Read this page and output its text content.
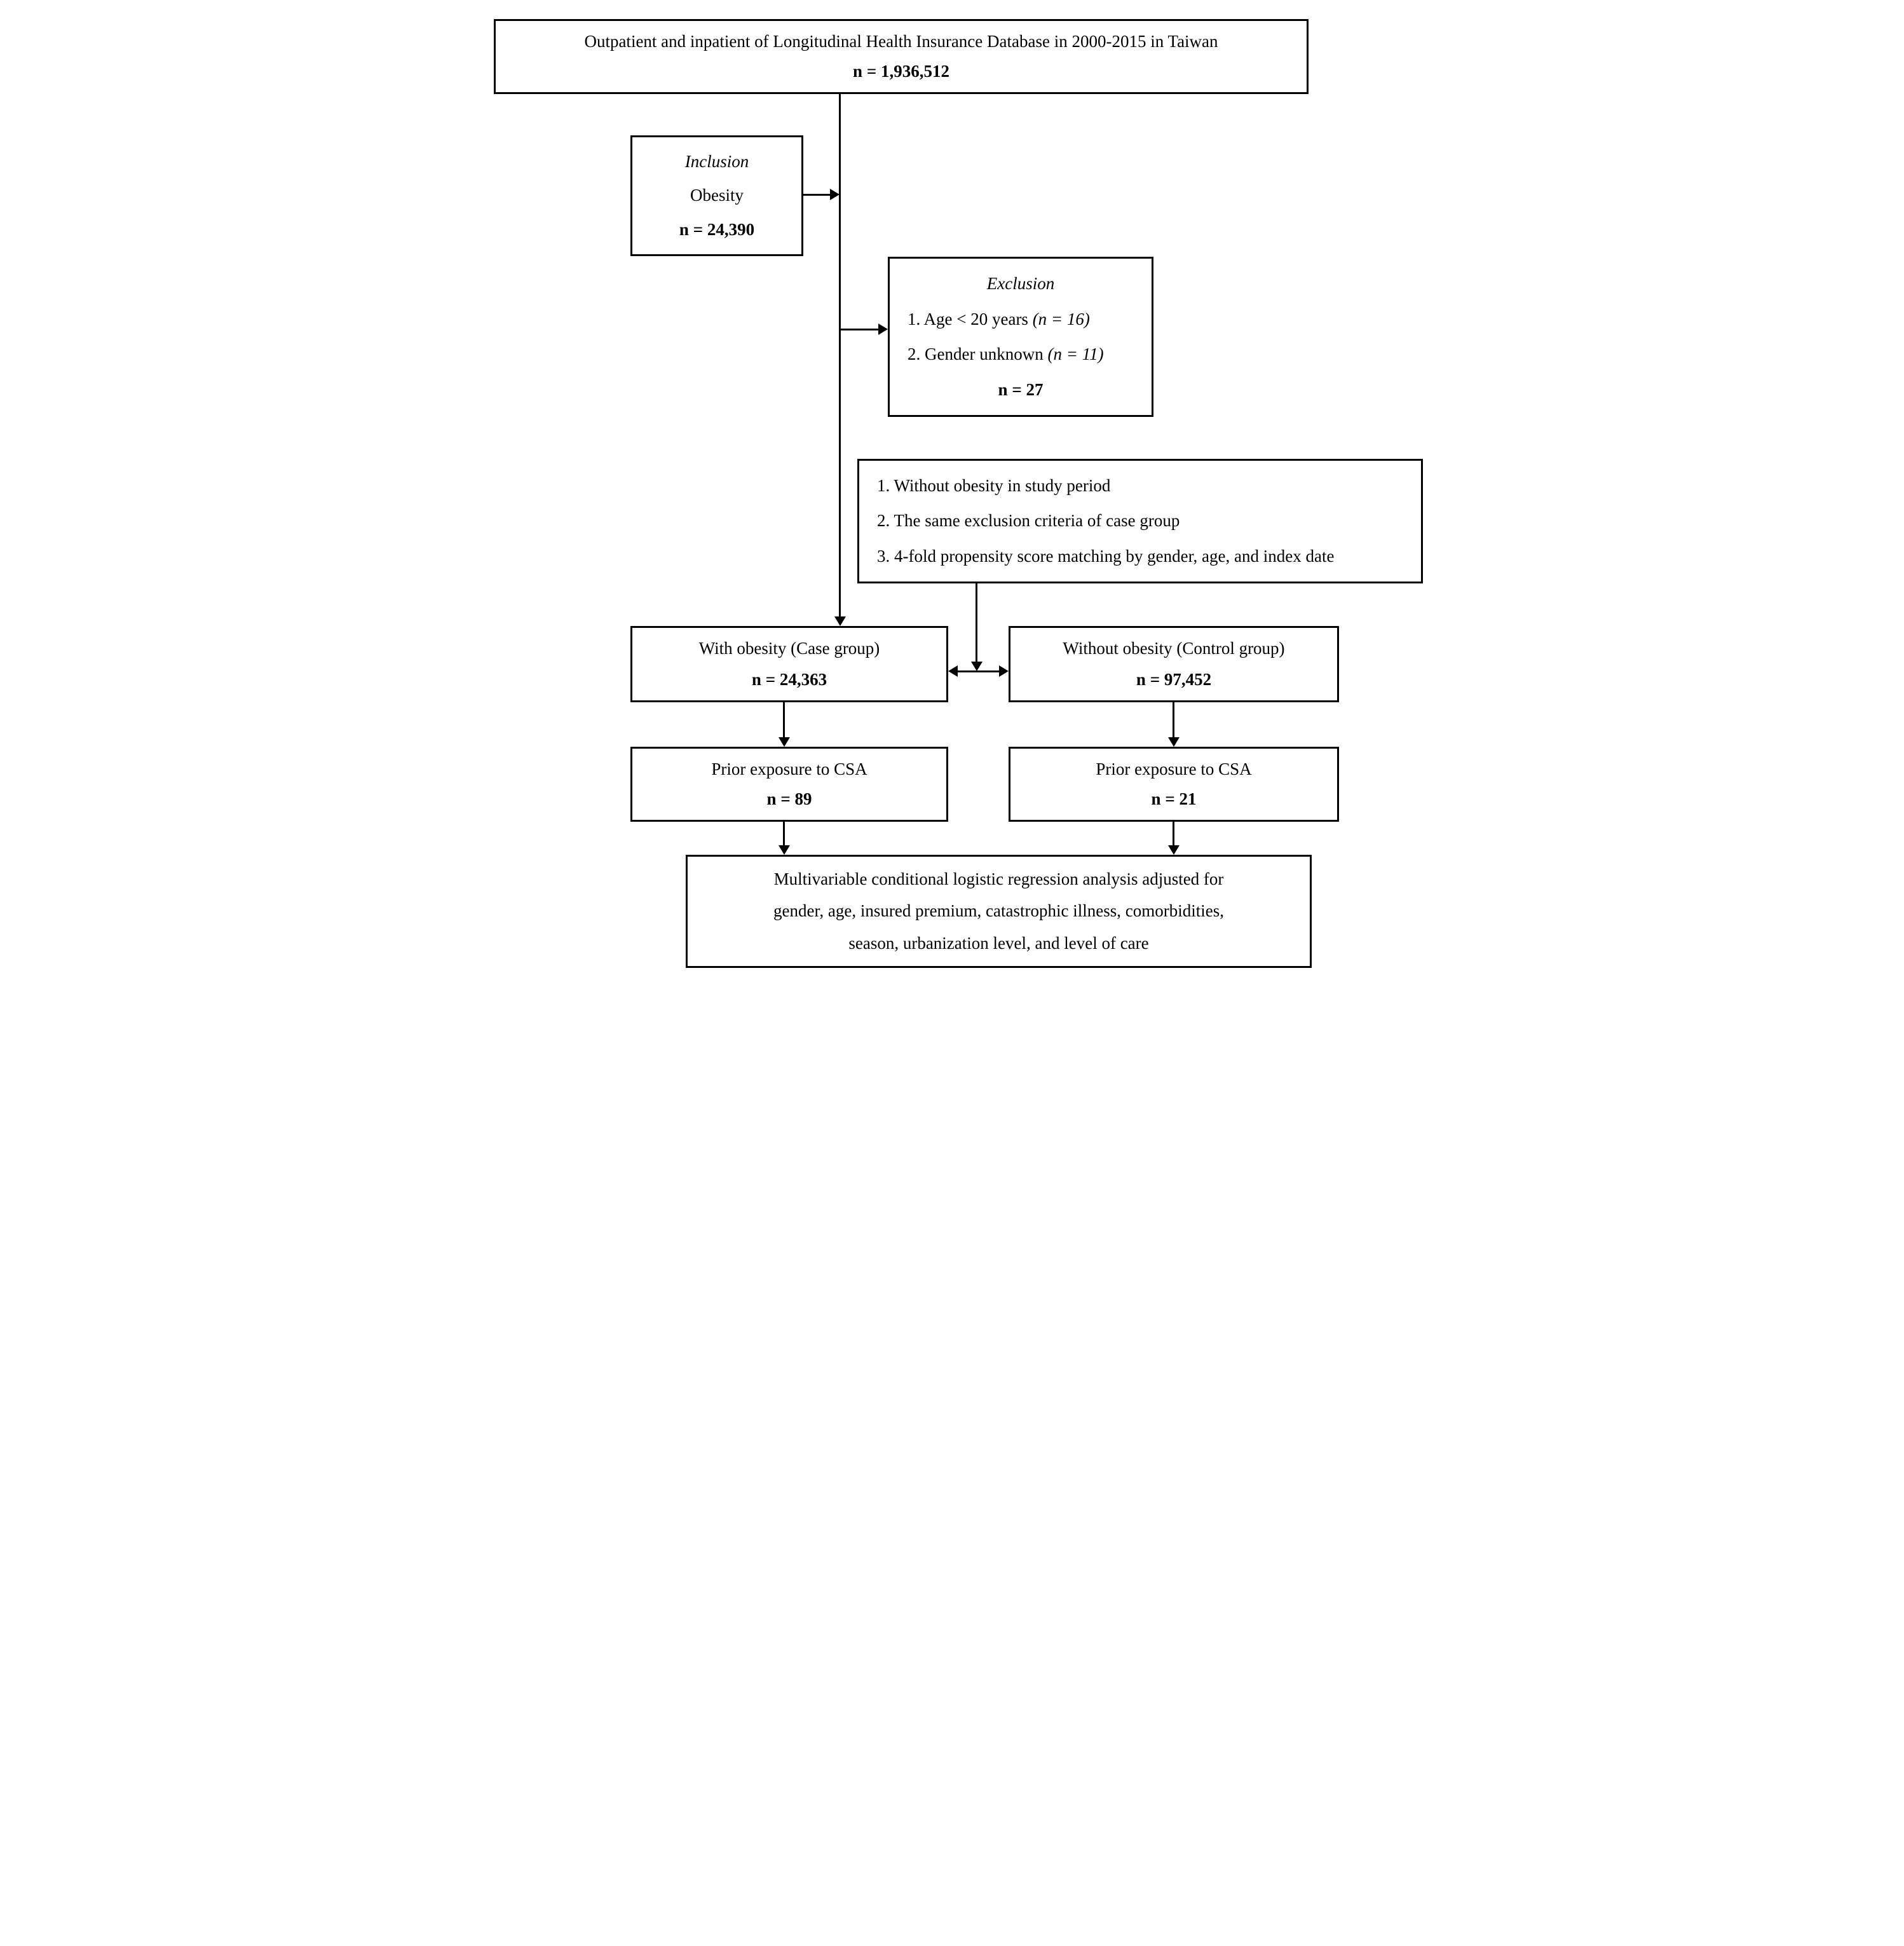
Outpatient and inpatient of Longitudinal Health Insurance Database in 2000-2015 in Taiwan
n = 1,936,512
Inclusion
Obesity
n = 24,390
Exclusion
1. Age < 20 years (n = 16)
2. Gender unknown (n = 11)
n = 27
1. Without obesity in study period
2. The same exclusion criteria of case group
3. 4-fold propensity score matching by gender, age, and index date
With obesity (Case group)
n = 24,363
Without obesity (Control group)
n = 97,452
Prior exposure to CSA
n = 89
Prior exposure to CSA
n = 21
Multivariable conditional logistic regression analysis adjusted for
gender, age, insured premium, catastrophic illness, comorbidities,
season, urbanization level, and level of care
